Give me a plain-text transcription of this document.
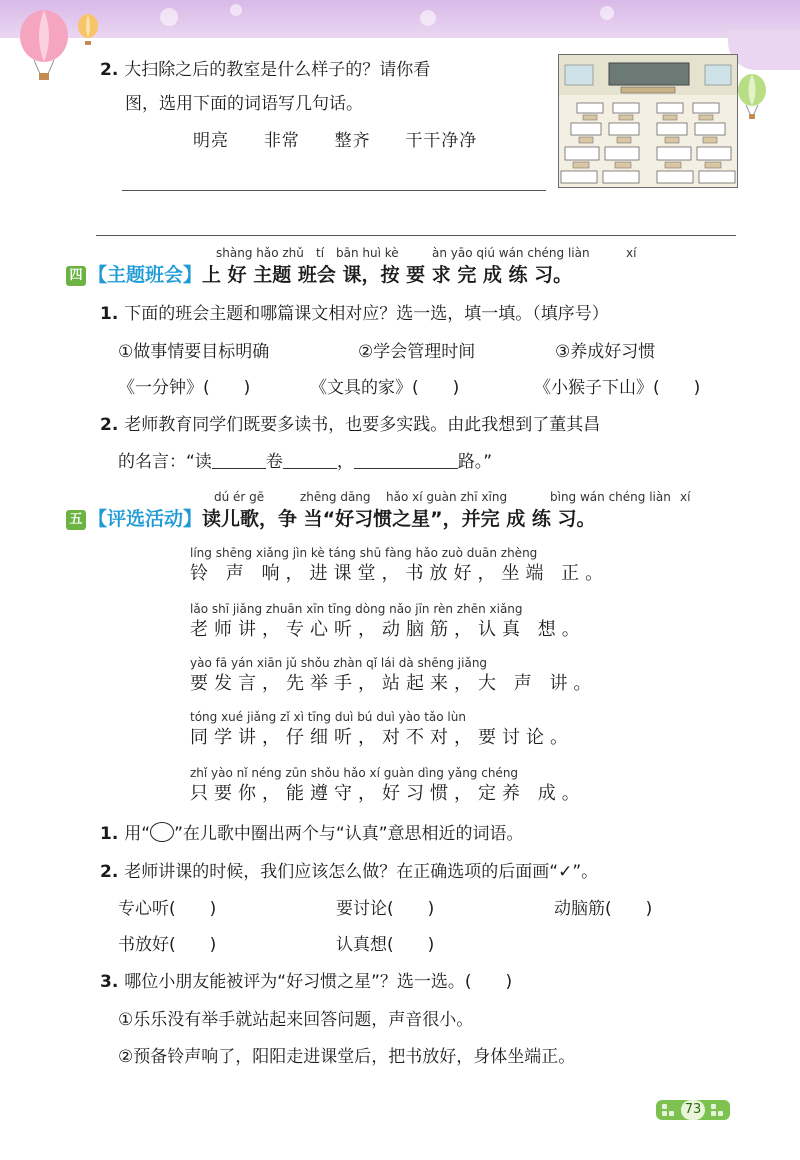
2. 大扫除之后的教室是什么样子的？请你看
图，选用下面的词语写几句话。
明亮 非常 整齐 干干净净
shàng hǎo zhǔ tí bān huì kè	àn yāo qiú wán chéng liàn	xí
四 【主题班会】上 好 主题 班会 课，按 要 求 完 成 练 习。
1. 下面的班会主题和哪篇课文相对应？选一选，填一填。（填序号）
①做事情要目标明确	②学会管理时间	③养成好习惯
《一分钟》(　　)	《文具的家》(　　)	《小猴子下山》(　　)
2. 老师教育同学们既要多读书，也要多实践。由此我想到了董其昌
的名言：“读	卷	，	路。”
dú ér gē	zhēng dāng hǎo xí guàn zhī xīng	bìng wán chéng liàn xí
五 【评选活动】读儿歌，争 当“好习惯之星”，并完 成 练 习。
líng shēng xiǎng jìn kè táng shū fàng hǎo zuò duān zhèng
铃 声 响，进课堂，书放好，坐端 正。
lǎo shī jiǎng zhuān xīn tīng dòng nǎo jīn rèn zhēn xiǎng
老师讲，专心听，动脑筋，认真 想。
yào fā yán xiān jǔ shǒu zhàn qǐ lái dà shēng jiǎng
要发言，先举手，站起来，大 声 讲。
tóng xué jiǎng zǐ xì tīng duì bú duì yào tǎo lùn
同学讲，仔细听，对不对，要讨论。
zhǐ yào nǐ néng zūn shǒu hǎo xí guàn dìng yǎng chéng
只要你，能遵守，好习惯，定养 成。
1. 用“ ”在儿歌中圈出两个与“认真”意思相近的词语。
2. 老师讲课的时候，我们应该怎么做？在正确选项的后面画“✓”。
专心听(　　)	要讨论(　　)	动脑筋(　　)
书放好(　　)	认真想(　　)
3. 哪位小朋友能被评为“好习惯之星”？选一选。(　　)
①乐乐没有举手就站起来回答问题，声音很小。
②预备铃声响了，阳阳走进课堂后，把书放好，身体坐端正。
73
